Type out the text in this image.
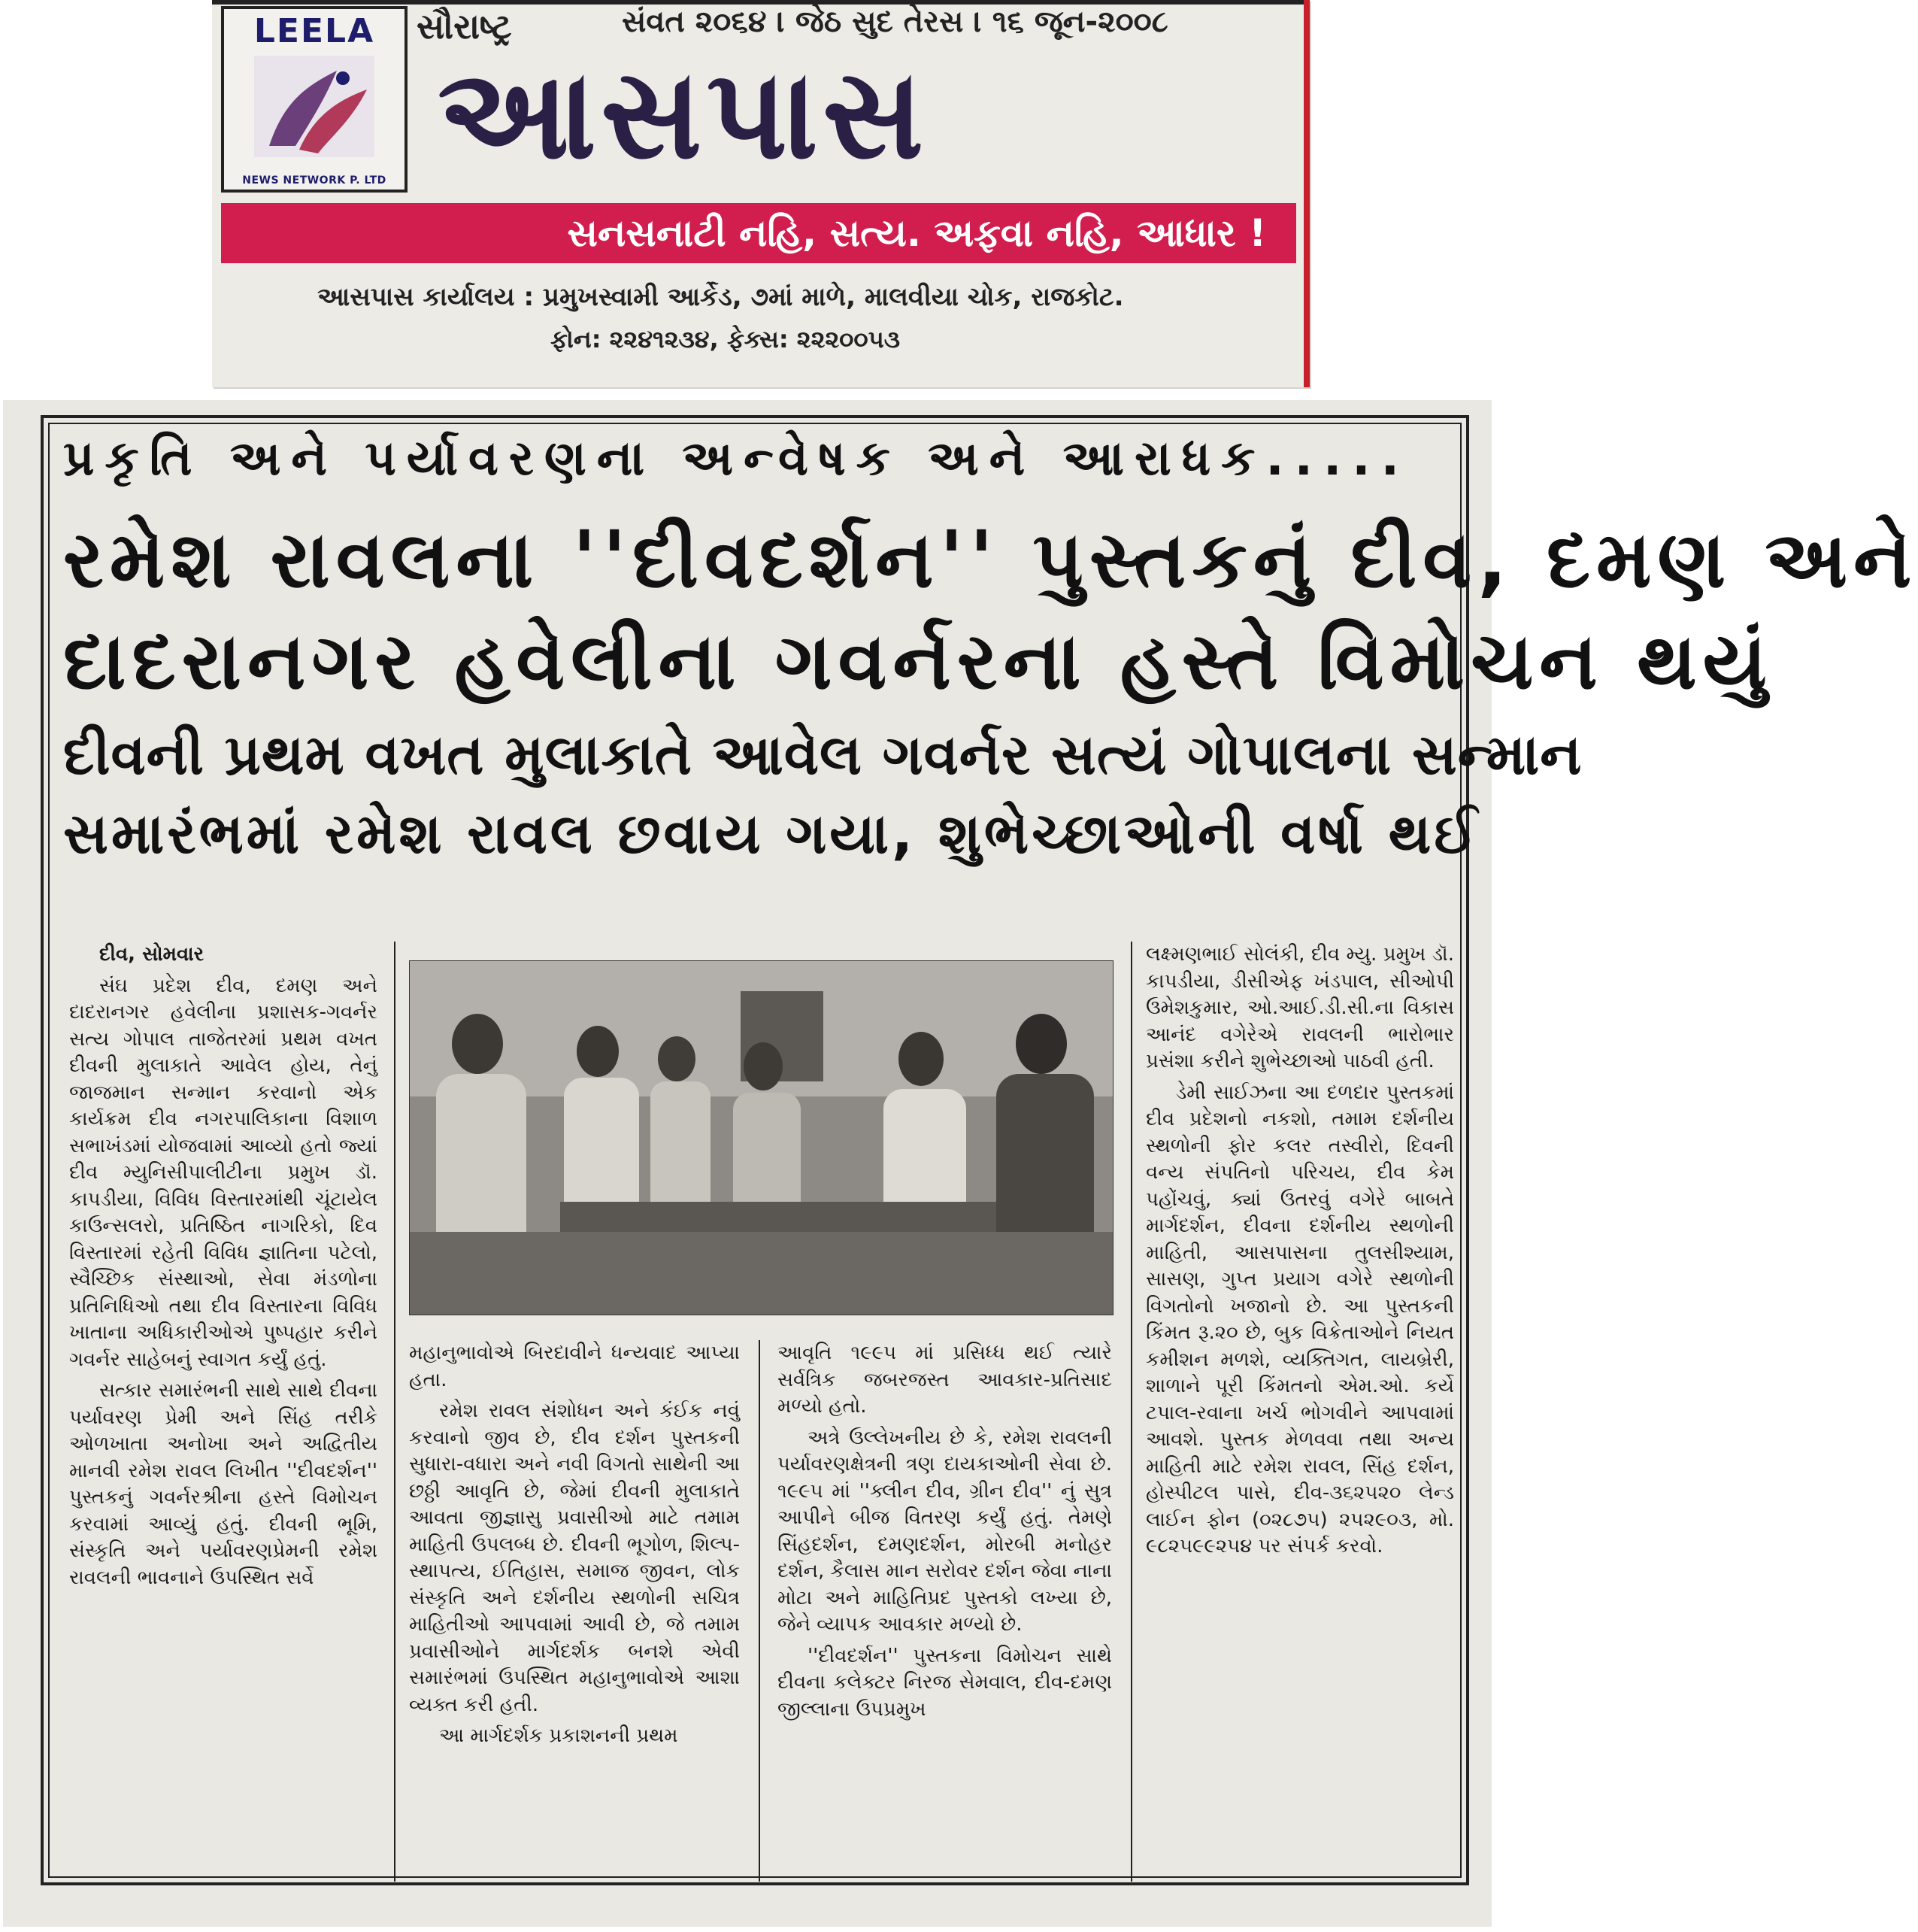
LEELA
NEWS NETWORK P. LTD
સૌરાષ્ટ્ર	સંવત ૨૦૬૪ । જેઠ સુદ તેરસ । ૧૬ જૂન-૨૦૦૮
આસપાસ
સનસનાટી નહિ, સત્ય. અફવા નહિ, આધાર !
આસપાસ કાર્યાલય : પ્રમુખસ્વામી આર્કેડ, ૭માં માળે, માલવીયા ચોક, રાજકોટ.
ફોન: ૨૨૪૧૨૩૪, ફેક્સ: ૨૨૨૦૦૫૩
પ્રકૃતિ અને પર્યાવરણના અન્વેષક અને આરાધક.....
રમેશ રાવલના ''દીવદર્શન'' પુસ્તકનું દીવ, દમણ અને
દાદરાનગર હવેલીના ગવર્નરના હસ્તે વિમોચન થયું
દીવની પ્રથમ વખત મુલાકાતે આવેલ ગવર્નર સત્યં ગોપાલના સન્માન
સમારંભમાં રમેશ રાવલ છવાય ગયા, શુભેચ્છાઓની વર્ષા થઈ
દીવ, સોમવાર

સંઘ પ્રદેશ દીવ, દમણ અને દાદરાનગર હવેલીના પ્રશાસક-ગવર્નર સત્ય ગોપાલ તાજેતરમાં પ્રથમ વખત દીવની મુલાકાતે આવેલ હોય, તેનું જાજમાન સન્માન કરવાનો એક કાર્યક્રમ દીવ નગરપાલિકાના વિશાળ સભાખંડમાં યોજવામાં આવ્યો હતો જ્યાં દીવ મ્યુનિસીપાલીટીના પ્રમુખ ડૉ. કાપડીયા, વિવિધ વિસ્તારમાંથી ચૂંટાયેલ કાઉન્સલરો, પ્રતિષ્ઠિત નાગરિકો, દિવ વિસ્તારમાં રહેતી વિવિધ જ્ઞાતિના પટેલો, સ્વૈચ્છિક સંસ્થાઓ, સેવા મંડળોના પ્રતિનિધિઓ તથા દીવ વિસ્તારના વિવિધ ખાતાના અધિકારીઓએ પુષ્પહાર કરીને ગવર્નર સાહેબનું સ્વાગત કર્યું હતું.

સત્કાર સમારંભની સાથે સાથે દીવના પર્યાવરણ પ્રેમી અને સિંહ તરીકે ઓળખાતા અનોખા અને અદ્વિતીય માનવી રમેશ રાવલ લિખીત ''દીવદર્શન'' પુસ્તકનું ગવર્નરશ્રીના હસ્તે વિમોચન કરવામાં આવ્યું હતું. દીવની ભૂમિ, સંસ્કૃતિ અને પર્યાવરણપ્રેમની રમેશ રાવલની ભાવનાને ઉપસ્થિત સર્વે

મહાનુભાવોએ બિરદાવીને ધન્યવાદ આપ્યા હતા.

રમેશ રાવલ સંશોધન અને કંઈક નવું કરવાનો જીવ છે, દીવ દર્શન પુસ્તકની સુધારા-વધારા અને નવી વિગતો સાથેની આ છઠ્ઠી આવૃતિ છે, જેમાં દીવની મુલાકાતે આવતા જીજ્ઞાસુ પ્રવાસીઓ માટે તમામ માહિતી ઉપલબ્ધ છે. દીવની ભૂગોળ, શિલ્પ-સ્થાપત્ય, ઈતિહાસ, સમાજ જીવન, લોક સંસ્કૃતિ અને દર્શનીય સ્થળોની સચિત્ર માહિતીઓ આપવામાં આવી છે, જે તમામ પ્રવાસીઓને માર્ગદર્શક બનશે એવી સમારંભમાં ઉપસ્થિત મહાનુભાવોએ આશા વ્યક્ત કરી હતી.

આ માર્ગદર્શક પ્રકાશનની પ્રથમ

આવૃતિ ૧૯૯૫ માં પ્રસિધ્ધ થઈ ત્યારે સર્વત્રિક જબરજસ્ત આવકાર-પ્રતિસાદ મળ્યો હતો.

અત્રે ઉલ્લેખનીય છે કે, રમેશ રાવલની પર્યાવરણક્ષેત્રની ત્રણ દાયકાઓની સેવા છે. ૧૯૯૫ માં ''ક્લીન દીવ, ગ્રીન દીવ'' નું સુત્ર આપીને બીજ વિતરણ કર્યું હતું. તેમણે સિંહદર્શન, દમણદર્શન, મોરબી મનોહર દર્શન, કૈલાસ માન સરોવર દર્શન જેવા નાના મોટા અને માહિતિપ્રદ પુસ્તકો લખ્યા છે, જેને વ્યાપક આવકાર મળ્યો છે.

''દીવદર્શન'' પુસ્તકના વિમોચન સાથે દીવના કલેક્ટર નિરજ સેમવાલ, દીવ-દમણ જીલ્લાના ઉપપ્રમુખ

લક્ષ્મણભાઈ સોલંકી, દીવ મ્યુ. પ્રમુખ ડૉ. કાપડીયા, ડીસીએફ ખંડપાલ, સીઓપી ઉમેશકુમાર, ઓ.આઈ.ડી.સી.ના વિકાસ આનંદ વગેરેએ રાવલની ભારોભાર પ્રસંશા કરીને શુભેચ્છાઓ પાઠવી હતી.

ડેમી સાઈઝના આ દળદાર પુસ્તકમાં દીવ પ્રદેશનો નકશો, તમામ દર્શનીય સ્થળોની ફોર કલર તસ્વીરો, દિવની વન્ય સંપતિનો પરિચય, દીવ કેમ પહોંચવું, ક્યાં ઉતરવું વગેરે બાબતે માર્ગદર્શન, દીવના દર્શનીય સ્થળોની માહિતી, આસપાસના તુલસીશ્યામ, સાસણ, ગુપ્ત પ્રયાગ વગેરે સ્થળોની વિગતોનો ખજાનો છે. આ પુસ્તકની કિંમત રૂ.૨૦ છે, બુક વિક્રેતાઓને નિયત કમીશન મળશે, વ્યક્તિગત, લાયબ્રેરી, શાળાને પૂરી કિંમતનો એમ.ઓ. કર્યે ટપાલ-રવાના ખર્ચ ભોગવીને આપવામાં આવશે. પુસ્તક મેળવવા તથા અન્ય માહિતી માટે રમેશ રાવલ, સિંહ દર્શન, હોસ્પીટલ પાસે, દીવ-૩૬૨૫૨૦ લેન્ડ લાઈન ફોન (૦૨૮૭૫) ૨૫૨૯૦૩, મો. ૯૮૨૫૯૯૨૫૪ પર સંપર્ક કરવો.
